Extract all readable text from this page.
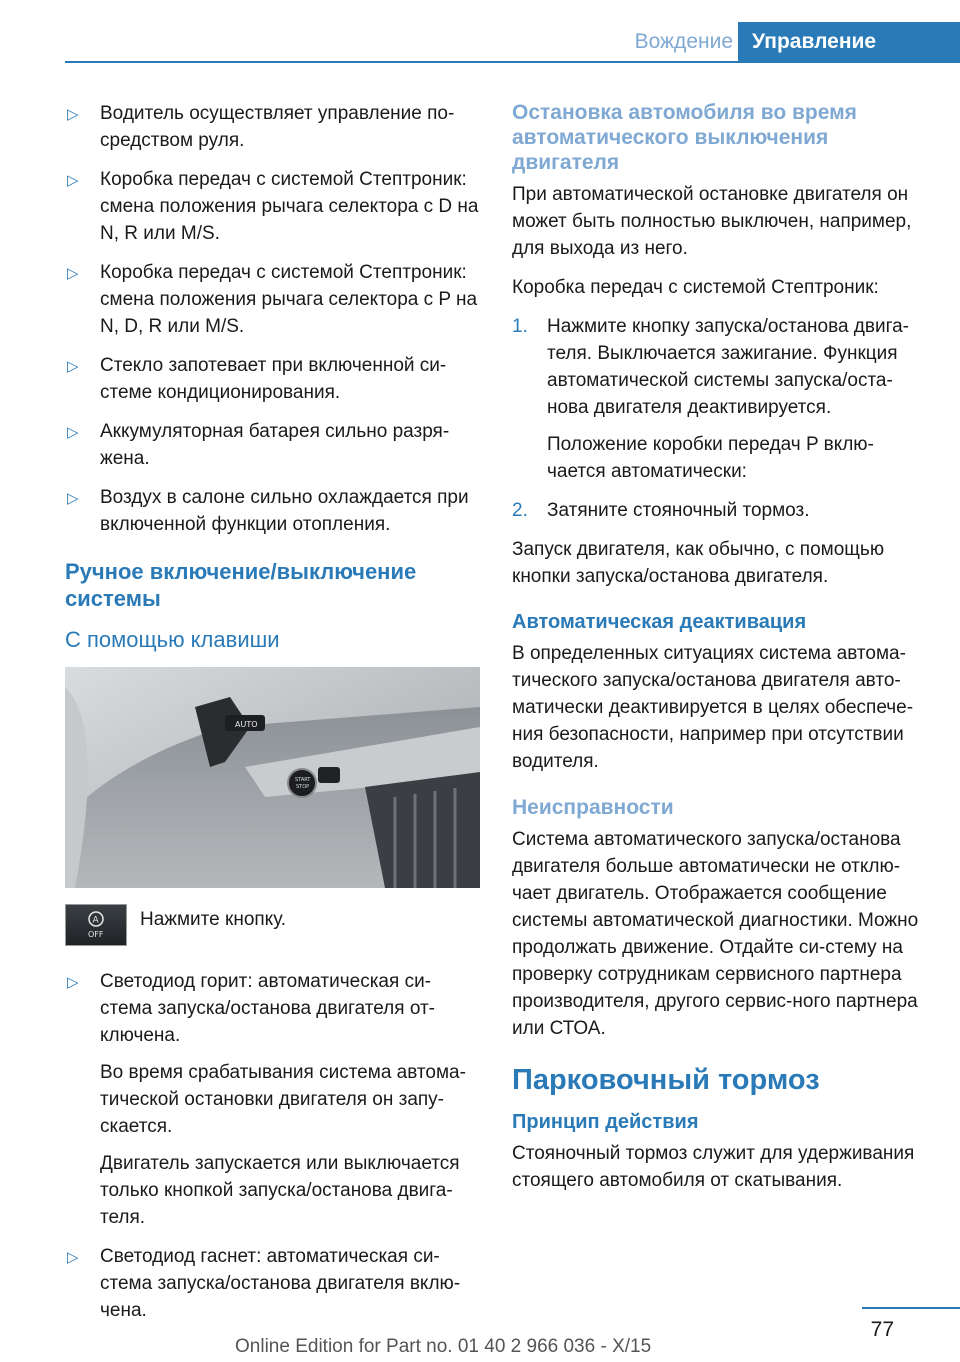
Вождение Управление
▷ Водитель осуществляет управление по-средством руля.

▷ Коробка передач с системой Стептроник: смена положения рычага селектора с D на N, R или M/S.

▷ Коробка передач с системой Стептроник: смена положения рычага селектора с P на N, D, R или M/S.

▷ Стекло запотевает при включенной си-стеме кондиционирования.

▷ Аккумуляторная батарея сильно разря-жена.

▷ Воздух в салоне сильно охлаждается при включенной функции отопления.

Ручное включение/выключение системы
С помощью клавиши
AUTO
START
STOP
A
OFF
Нажмите кнопку.
▷ Светодиод горит: автоматическая си-стема запуска/останова двигателя от-ключена.

Во время срабатывания система автома-тической остановки двигателя он запу-скается.

Двигатель запускается или выключается только кнопкой запуска/останова двига-теля.

▷ Светодиод гаснет: автоматическая си-стема запуска/останова двигателя вклю-чена.

Остановка автомобиля во время автоматического выключения двигателя

При автоматической остановке двигателя он может быть полностью выключен, например, для выхода из него.

Коробка передач с системой Стептроник:

1. Нажмите кнопку запуска/останова двига-теля. Выключается зажигание. Функция автоматической системы запуска/оста-нова двигателя деактивируется.

Положение коробки передач P вклю-чается автоматически:

2. Затяните стояночный тормоз.

Запуск двигателя, как обычно, с помощью кнопки запуска/останова двигателя.

Автоматическая деактивация

В определенных ситуациях система автома-тического запуска/останова двигателя авто-матически деактивируется в целях обеспече-ния безопасности, например при отсутствии водителя.

Неисправности

Система автоматического запуска/останова двигателя больше автоматически не отклю-чает двигатель. Отображается сообщение системы автоматической диагностики. Можно продолжать движение. Отдайте си-стему на проверку сотрудникам сервисного партнера производителя, другого сервис-ного партнера или СТОА.

Парковочный тормоз
Принцип действия

Стояночный тормоз служит для удерживания стоящего автомобиля от скатывания.

77
Online Edition for Part no. 01 40 2 966 036 - X/15
